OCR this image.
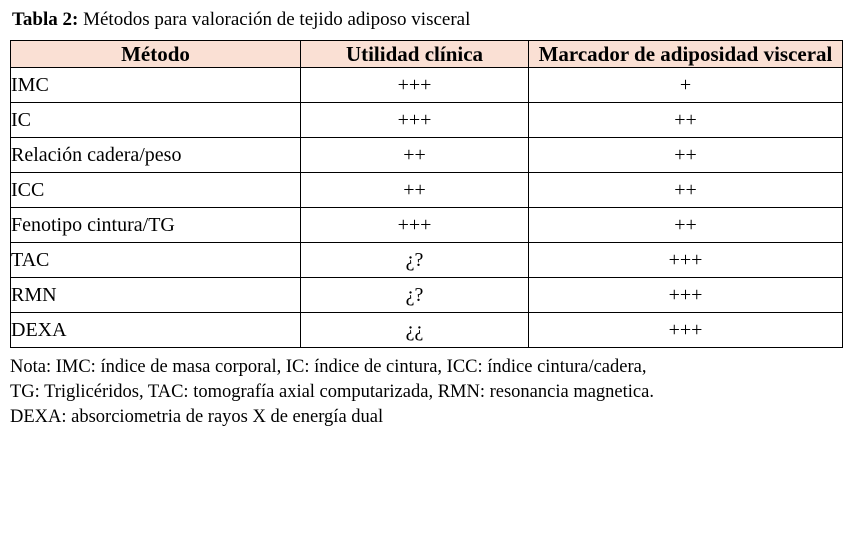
Tabla 2: Métodos para valoración de tejido adiposo visceral
Método	Utilidad clínica	Marcador de adiposidad visceral
IMC	+++	+
IC	+++	++
Relación cadera/peso	++	++
ICC	++	++
Fenotipo cintura/TG	+++	++
TAC	¿?	+++
RMN	¿?	+++
DEXA	¿¿	+++
Nota: IMC: índice de masa corporal, IC: índice de cintura, ICC: índice cintura/cadera,
TG: Triglicéridos, TAC: tomografía axial computarizada, RMN: resonancia magnetica.
DEXA: absorciometria de rayos X de energía dual
